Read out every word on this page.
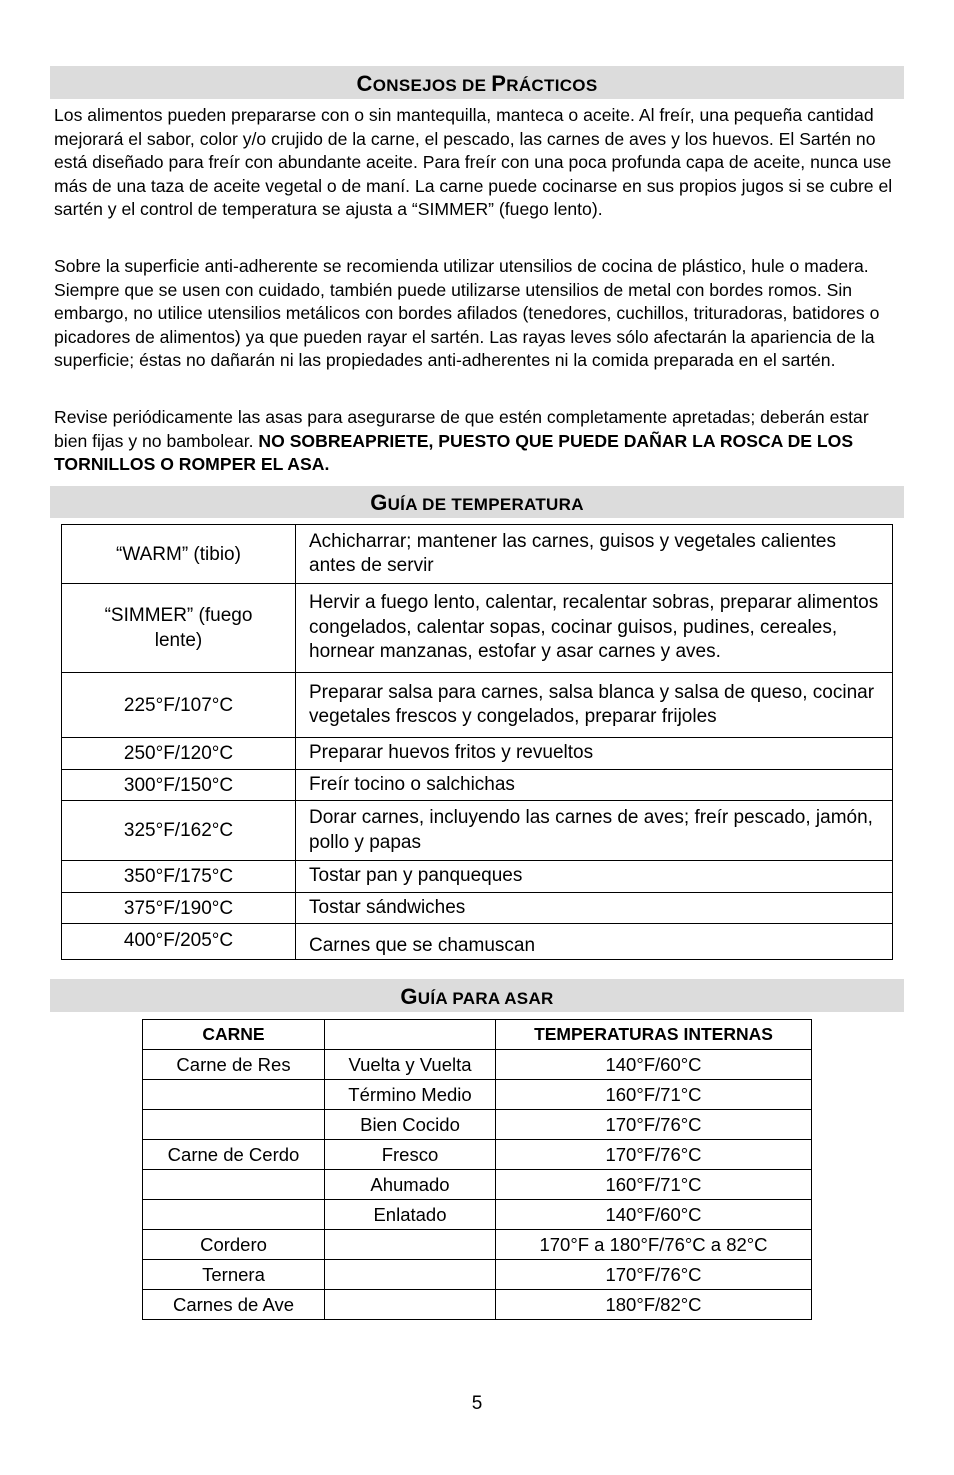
CONSEJOS DE PRÁCTICOS

Los alimentos pueden prepararse con o sin mantequilla, manteca o aceite. Al freír, una pequeña cantidad mejorará el sabor, color y/o crujido de la carne, el pescado, las carnes de aves y los huevos. El Sartén no está diseñado para freír con abundante aceite. Para freír con una poca profunda capa de aceite, nunca use más de una taza de aceite vegetal o de maní. La carne puede cocinarse en sus propios jugos si se cubre el sartén y el control de temperatura se ajusta a “SIMMER” (fuego lento).

Sobre la superficie anti-adherente se recomienda utilizar utensilios de cocina de plástico, hule o madera. Siempre que se usen con cuidado, también puede utilizarse utensilios de metal con bordes romos. Sin embargo, no utilice utensilios metálicos con bordes afilados (tenedores, cuchillos, trituradoras, batidores o picadores de alimentos) ya que pueden rayar el sartén. Las rayas leves sólo afectarán la apariencia de la superficie; éstas no dañarán ni las propiedades anti-adherentes ni la comida preparada en el sartén.

Revise periódicamente las asas para asegurarse de que estén completamente apretadas; deberán estar bien fijas y no bambolear. NO SOBREAPRIETE, PUESTO QUE PUEDE DAÑAR LA ROSCA DE LOS TORNILLOS O ROMPER EL ASA.

GUÍA DE TEMPERATURA
“WARM” (tibio)	Achicharrar; mantener las carnes, guisos y vegetales calientes antes de servir
“SIMMER” (fuego lente)	Hervir a fuego lento, calentar, recalentar sobras, preparar alimentos congelados, calentar sopas, cocinar guisos, pudines, cereales, hornear manzanas, estofar y asar carnes y aves.
225°F/107°C	Preparar salsa para carnes, salsa blanca y salsa de queso, cocinar vegetales frescos y congelados, preparar frijoles
250°F/120°C	Preparar huevos fritos y revueltos
300°F/150°C	Freír tocino o salchichas
325°F/162°C	Dorar carnes, incluyendo las carnes de aves; freír pescado, jamón, pollo y papas
350°F/175°C	Tostar pan y panqueques
375°F/190°C	Tostar sándwiches
400°F/205°C	Carnes que se chamuscan
GUÍA PARA ASAR
CARNE		TEMPERATURAS INTERNAS
Carne de Res	Vuelta y Vuelta	140°F/60°C
	Término Medio	160°F/71°C
	Bien Cocido	170°F/76°C
Carne de Cerdo	Fresco	170°F/76°C
	Ahumado	160°F/71°C
	Enlatado	140°F/60°C
Cordero		170°F a 180°F/76°C a 82°C
Ternera		170°F/76°C
Carnes de Ave		180°F/82°C
5
